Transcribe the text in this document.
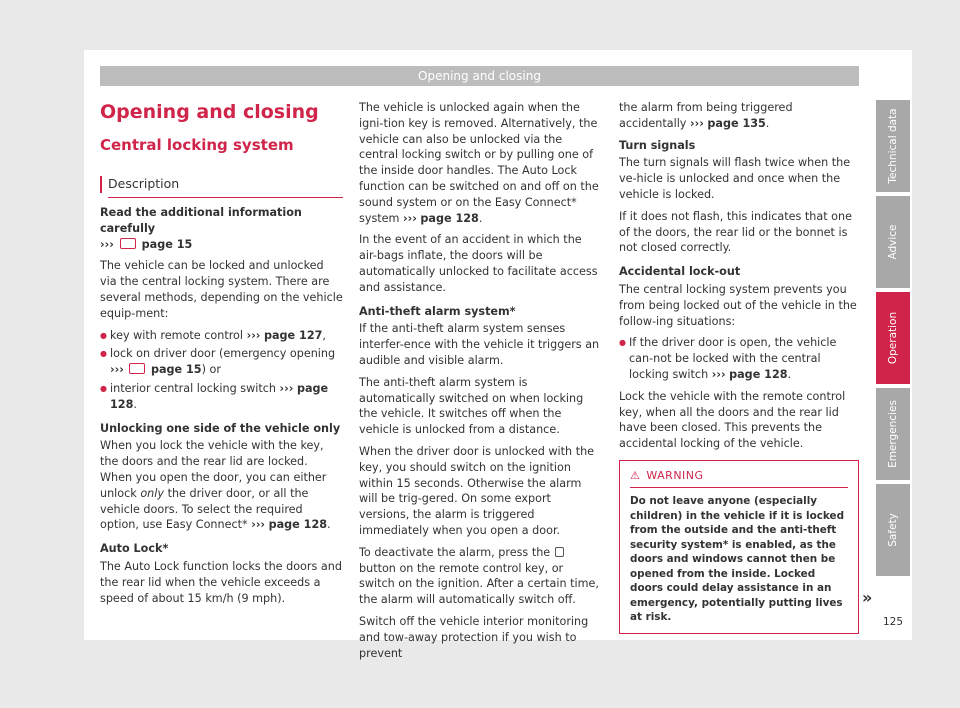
Opening and closing
Opening and closing
Central locking system
Description

Read the additional information carefully
››› page 15

The vehicle can be locked and unlocked via the central locking system. There are several methods, depending on the vehicle equip-ment:

● key with remote control ››› page 127,
● lock on driver door (emergency opening ››› page 15) or
● interior central locking switch ››› page 128.

Unlocking one side of the vehicle only

When you lock the vehicle with the key, the doors and the rear lid are locked. When you open the door, you can either unlock only the driver door, or all the vehicle doors. To select the required option, use Easy Connect* ››› page 128.

Auto Lock*

The Auto Lock function locks the doors and the rear lid when the vehicle exceeds a speed of about 15 km/h (9 mph).

The vehicle is unlocked again when the igni-tion key is removed. Alternatively, the vehicle can also be unlocked via the central locking switch or by pulling one of the inside door handles. The Auto Lock function can be switched on and off on the sound system or on the Easy Connect* system ››› page 128.

In the event of an accident in which the air-bags inflate, the doors will be automatically unlocked to facilitate access and assistance.

Anti-theft alarm system*

If the anti-theft alarm system senses interfer-ence with the vehicle it triggers an audible and visible alarm.

The anti-theft alarm system is automatically switched on when locking the vehicle. It switches off when the vehicle is unlocked from a distance.

When the driver door is unlocked with the key, you should switch on the ignition within 15 seconds. Otherwise the alarm will be trig-gered. On some export versions, the alarm is triggered immediately when you open a door.

To deactivate the alarm, press the  button on the remote control key, or switch on the ignition. After a certain time, the alarm will automatically switch off.

Switch off the vehicle interior monitoring and tow-away protection if you wish to prevent

the alarm from being triggered accidentally ››› page 135.

Turn signals

The turn signals will flash twice when the ve-hicle is unlocked and once when the vehicle is locked.

If it does not flash, this indicates that one of the doors, the rear lid or the bonnet is not closed correctly.

Accidental lock-out

The central locking system prevents you from being locked out of the vehicle in the follow-ing situations:

● If the driver door is open, the vehicle can-not be locked with the central locking switch ››› page 128.

Lock the vehicle with the remote control key, when all the doors and the rear lid have been closed. This prevents the accidental locking of the vehicle.

⚠ WARNING
Do not leave anyone (especially children) in the vehicle if it is locked from the outside and the anti-theft security system* is enabled, as the doors and windows cannot then be opened from the inside. Locked doors could delay assistance in an emergency, potentially putting lives at risk.
»
Technical data
Advice
Operation
Emergencies
Safety
125
